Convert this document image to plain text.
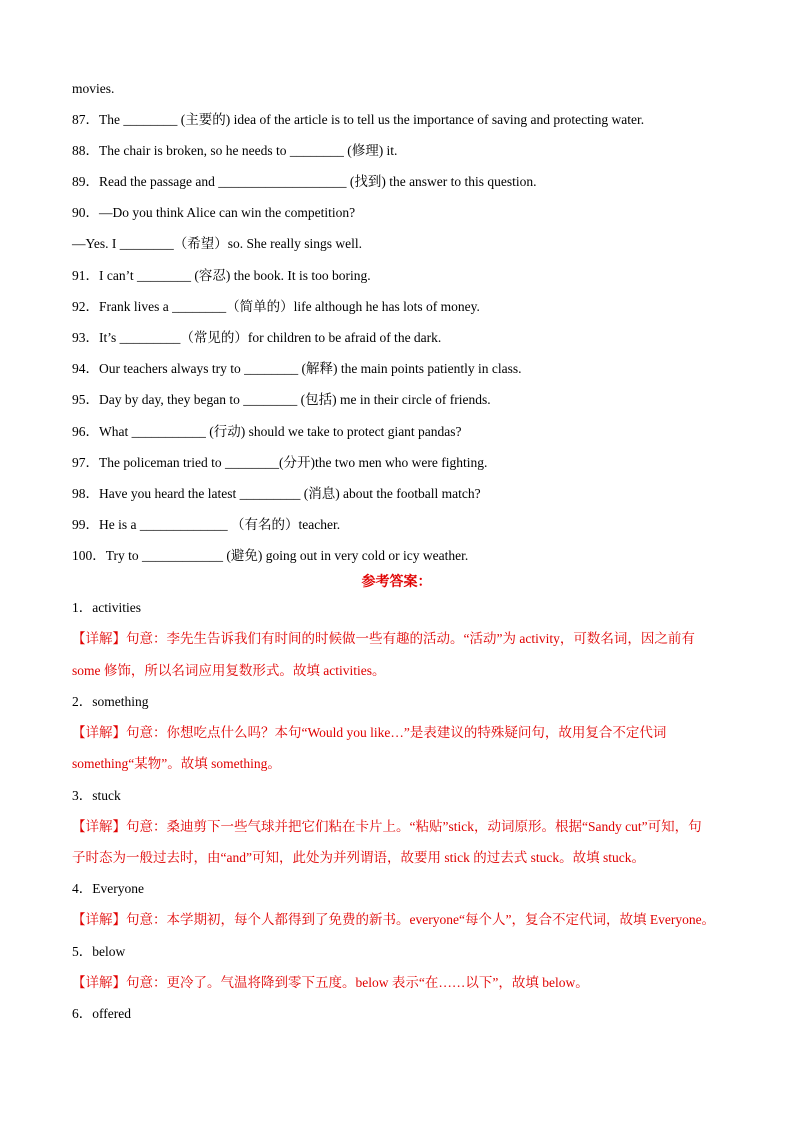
movies.
87．The ________ (主要的) idea of the article is to tell us the importance of saving and protecting water.
88．The chair is broken, so he needs to ________ (修理) it.
89．Read the passage and ___________________ (找到) the answer to this question.
90．—Do you think Alice can win the competition?
—Yes. I ________（希望）so. She really sings well.
91．I can’t ________ (容忍) the book. It is too boring.
92．Frank lives a ________（简单的）life although he has lots of money.
93．It’s _________（常见的）for children to be afraid of the dark.
94．Our teachers always try to ________ (解释) the main points patiently in class.
95．Day by day, they began to ________ (包括) me in their circle of friends.
96．What ___________ (行动) should we take to protect giant pandas?
97．The policeman tried to ________(分开)the two men who were fighting.
98．Have you heard the latest _________ (消息) about the football match?
99．He is a _____________ （有名的）teacher.
100．Try to ____________ (避免) going out in very cold or icy weather.
参考答案：
1．activities
【详解】句意：李先生告诉我们有时间的时候做一些有趣的活动。“活动”为 activity，可数名词，因之前有
some 修饰，所以名词应用复数形式。故填 activities。
2．something
【详解】句意：你想吃点什么吗？本句“Would you like…”是表建议的特殊疑问句，故用复合不定代词
something“某物”。故填 something。
3．stuck
【详解】句意：桑迪剪下一些气球并把它们粘在卡片上。“粘贴”stick，动词原形。根据“Sandy cut”可知，句
子时态为一般过去时，由“and”可知，此处为并列谓语，故要用 stick 的过去式 stuck。故填 stuck。
4．Everyone
【详解】句意：本学期初，每个人都得到了免费的新书。everyone“每个人”，复合不定代词，故填 Everyone。
5．below
【详解】句意：更冷了。气温将降到零下五度。below 表示“在……以下”，故填 below。
6．offered
